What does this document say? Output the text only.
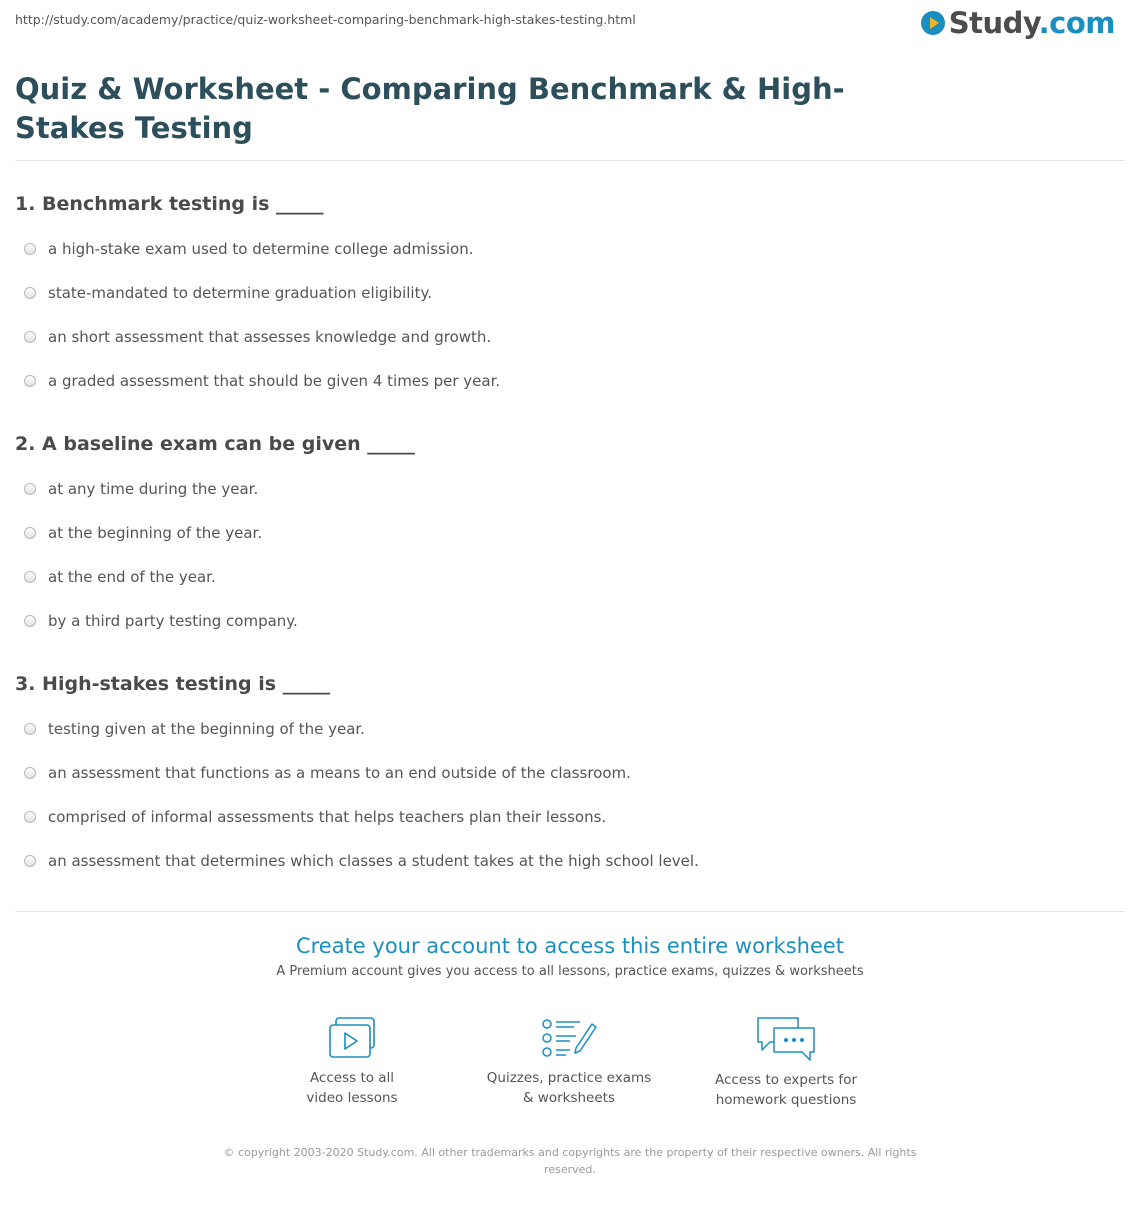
http://study.com/academy/practice/quiz-worksheet-comparing-benchmark-high-stakes-testing.html	Study.com
Quiz & Worksheet - Comparing Benchmark & High-Stakes Testing
1. Benchmark testing is _____
a high-stake exam used to determine college admission.
state-mandated to determine graduation eligibility.
an short assessment that assesses knowledge and growth.
a graded assessment that should be given 4 times per year.
2. A baseline exam can be given _____
at any time during the year.
at the beginning of the year.
at the end of the year.
by a third party testing company.
3. High-stakes testing is _____
testing given at the beginning of the year.
an assessment that functions as a means to an end outside of the classroom.
comprised of informal assessments that helps teachers plan their lessons.
an assessment that determines which classes a student takes at the high school level.
Create your account to access this entire worksheet
A Premium account gives you access to all lessons, practice exams, quizzes & worksheets
Access to all
video lessons
Quizzes, practice exams
& worksheets
Access to experts for
homework questions
© copyright 2003-2020 Study.com. All other trademarks and copyrights are the property of their respective owners. All rights reserved.
